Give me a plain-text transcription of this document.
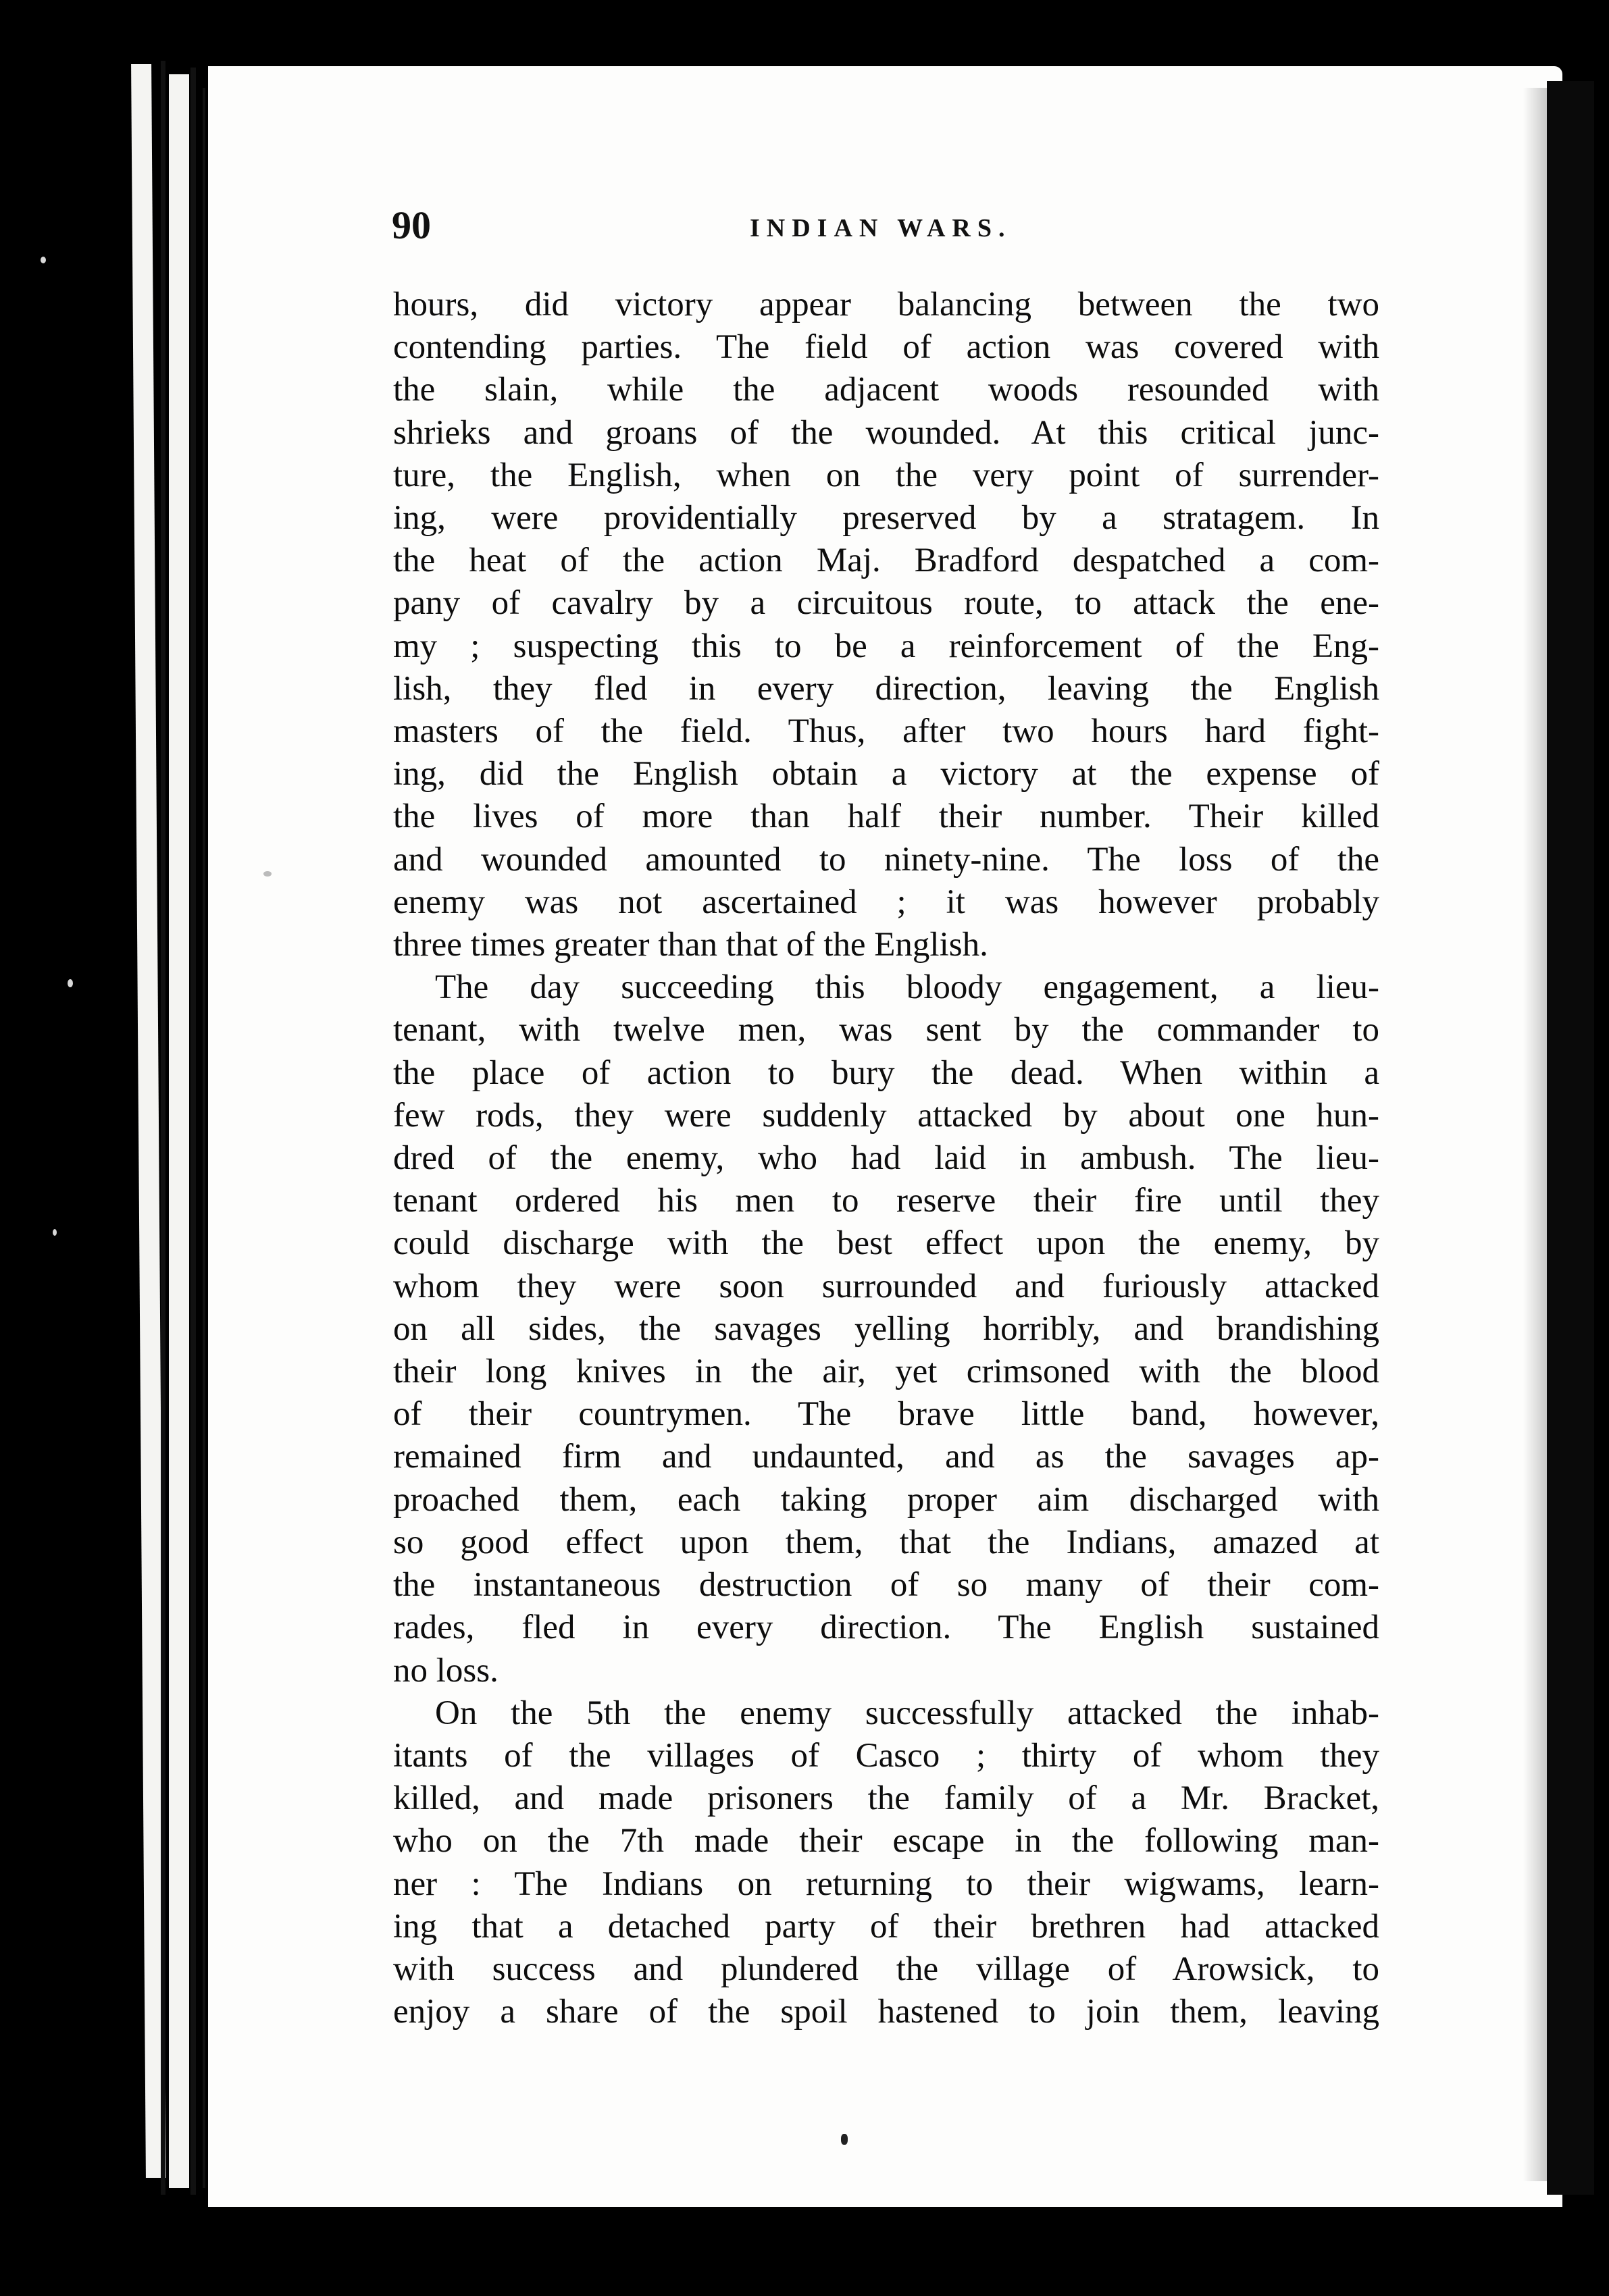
90	INDIAN WARS.
hours, did victory appear balancing between the two
contending parties. The field of action was covered with
the slain, while the adjacent woods resounded with
shrieks and groans of the wounded. At this critical junc-
ture, the English, when on the very point of surrender-
ing, were providentially preserved by a stratagem. In
the heat of the action Maj. Bradford despatched a com-
pany of cavalry by a circuitous route, to attack the ene-
my ; suspecting this to be a reinforcement of the Eng-
lish, they fled in every direction, leaving the English
masters of the field. Thus, after two hours hard fight-
ing, did the English obtain a victory at the expense of
the lives of more than half their number. Their killed
and wounded amounted to ninety-nine. The loss of the
enemy was not ascertained ; it was however probably
three times greater than that of the English.
The day succeeding this bloody engagement, a lieu-
tenant, with twelve men, was sent by the commander to
the place of action to bury the dead. When within a
few rods, they were suddenly attacked by about one hun-
dred of the enemy, who had laid in ambush. The lieu-
tenant ordered his men to reserve their fire until they
could discharge with the best effect upon the enemy, by
whom they were soon surrounded and furiously attacked
on all sides, the savages yelling horribly, and brandishing
their long knives in the air, yet crimsoned with the blood
of their countrymen. The brave little band, however,
remained firm and undaunted, and as the savages ap-
proached them, each taking proper aim discharged with
so good effect upon them, that the Indians, amazed at
the instantaneous destruction of so many of their com-
rades, fled in every direction. The English sustained
no loss.
On the 5th the enemy successfully attacked the inhab-
itants of the villages of Casco ; thirty of whom they
killed, and made prisoners the family of a Mr. Bracket,
who on the 7th made their escape in the following man-
ner : The Indians on returning to their wigwams, learn-
ing that a detached party of their brethren had attacked
with success and plundered the village of Arowsick, to
enjoy a share of the spoil hastened to join them, leaving
